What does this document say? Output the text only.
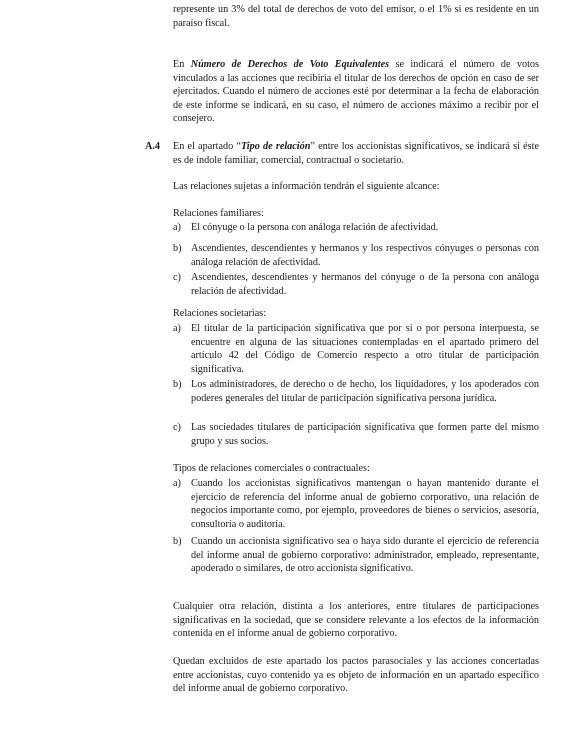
represente un 3% del total de derechos de voto del emisor, o el 1% si es residente en un paraíso fiscal.

En Número de Derechos de Voto Equivalentes se indicará el número de votos vinculados a las acciones que recibiría el titular de los derechos de opción en caso de ser ejercitados. Cuando el número de acciones esté por determinar a la fecha de elaboración de este informe se indicará, en su caso, el número de acciones máximo a recibir por el consejero.

A.4 En el apartado “Tipo de relación” entre los accionistas significativos, se indicará si éste es de índole familiar, comercial, contractual o societario.

Las relaciones sujetas a información tendrán el siguiente alcance:

Relaciones familiares:

a) El cónyuge o la persona con análoga relación de afectividad.
b) Ascendientes, descendientes y hermanos y los respectivos cónyuges o personas con análoga relación de afectividad.
c) Ascendientes, descendientes y hermanos del cónyuge o de la persona con análoga relación de afectividad.

Relaciones societarias:

a) El titular de la participación significativa que por sí o por persona interpuesta, se encuentre en alguna de las situaciones contempladas en el apartado primero del artículo 42 del Código de Comercio respecto a otro titular de participación significativa.
b) Los administradores, de derecho o de hecho, los liquidadores, y los apoderados con poderes generales del titular de participación significativa persona jurídica.
c) Las sociedades titulares de participación significativa que formen parte del mismo grupo y sus socios.

Tipos de relaciones comerciales o contractuales:

a) Cuando los accionistas significativos mantengan o hayan mantenido durante el ejercicio de referencia del informe anual de gobierno corporativo, una relación de negocios importante como, por ejemplo, proveedores de bienes o servicios, asesoría, consultoría o auditoría.
b) Cuando un accionista significativo sea o haya sido durante el ejercicio de referencia del informe anual de gobierno corporativo: administrador, empleado, representante, apoderado o similares, de otro accionista significativo.

Cualquier otra relación, distinta a los anteriores, entre titulares de participaciones significativas en la sociedad, que se considere relevante a los efectos de la información contenida en el informe anual de gobierno corporativo.

Quedan excluidos de este apartado los pactos parasociales y las acciones concertadas entre accionistas, cuyo contenido ya es objeto de información en un apartado específico del informe anual de gobierno corporativo.
